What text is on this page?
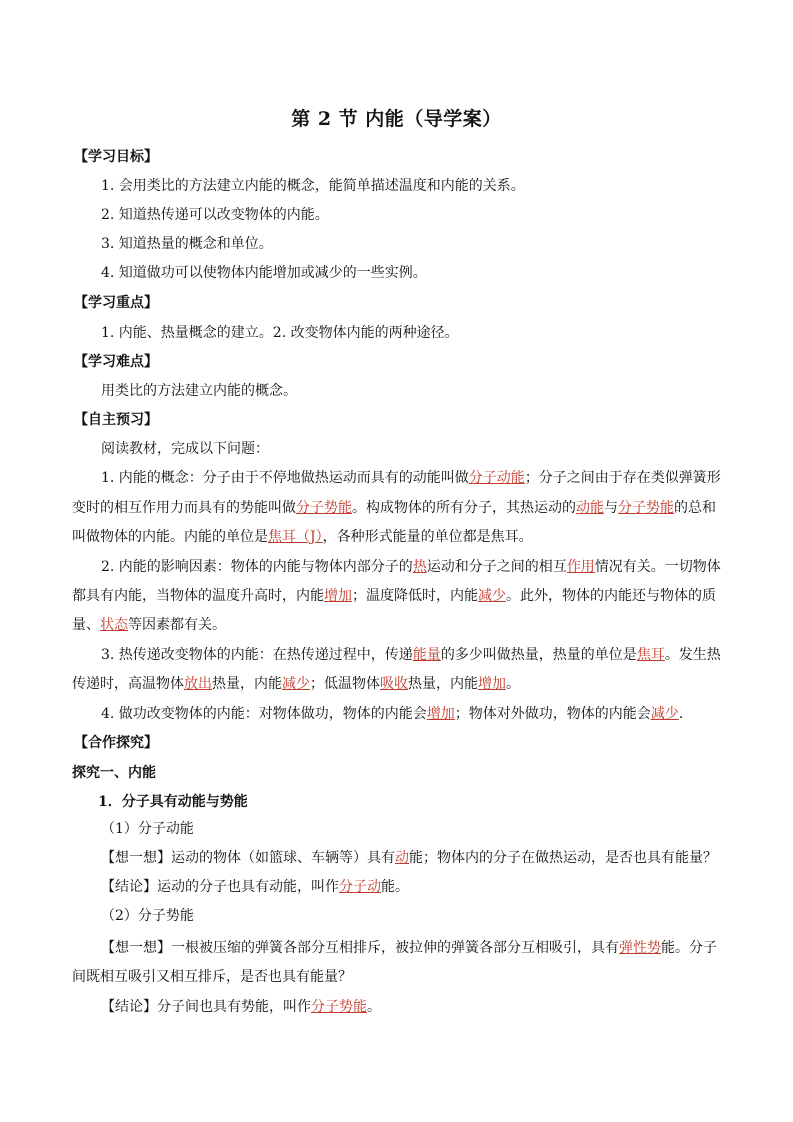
第 2 节 内能（导学案）
【学习目标】
1. 会用类比的方法建立内能的概念，能简单描述温度和内能的关系。
2. 知道热传递可以改变物体的内能。
3. 知道热量的概念和单位。
4. 知道做功可以使物体内能增加或减少的一些实例。
【学习重点】
1. 内能、热量概念的建立。2. 改变物体内能的两种途径。
【学习难点】
用类比的方法建立内能的概念。
【自主预习】
阅读教材，完成以下问题：
1. 内能的概念：分子由于不停地做热运动而具有的动能叫做分子动能；分子之间由于存在类似弹簧形
变时的相互作用力而具有的势能叫做分子势能。构成物体的所有分子，其热运动的动能与分子势能的总和
叫做物体的内能。内能的单位是焦耳（J），各种形式能量的单位都是焦耳。
2. 内能的影响因素：物体的内能与物体内部分子的热运动和分子之间的相互作用情况有关。一切物体
都具有内能，当物体的温度升高时，内能增加；温度降低时，内能减少。此外，物体的内能还与物体的质
量、状态等因素都有关。
3. 热传递改变物体的内能：在热传递过程中，传递能量的多少叫做热量，热量的单位是焦耳。发生热
传递时，高温物体放出热量，内能减少；低温物体吸收热量，内能增加。
4. 做功改变物体的内能：对物体做功，物体的内能会增加；物体对外做功，物体的内能会减少.
【合作探究】
探究一、内能
1．分子具有动能与势能
（1）分子动能
【想一想】运动的物体（如篮球、车辆等）具有动能；物体内的分子在做热运动，是否也具有能量？
【结论】运动的分子也具有动能，叫作分子动能。
（2）分子势能
【想一想】一根被压缩的弹簧各部分互相排斥，被拉伸的弹簧各部分互相吸引，具有弹性势能。分子
间既相互吸引又相互排斥，是否也具有能量？
【结论】分子间也具有势能，叫作分子势能。
